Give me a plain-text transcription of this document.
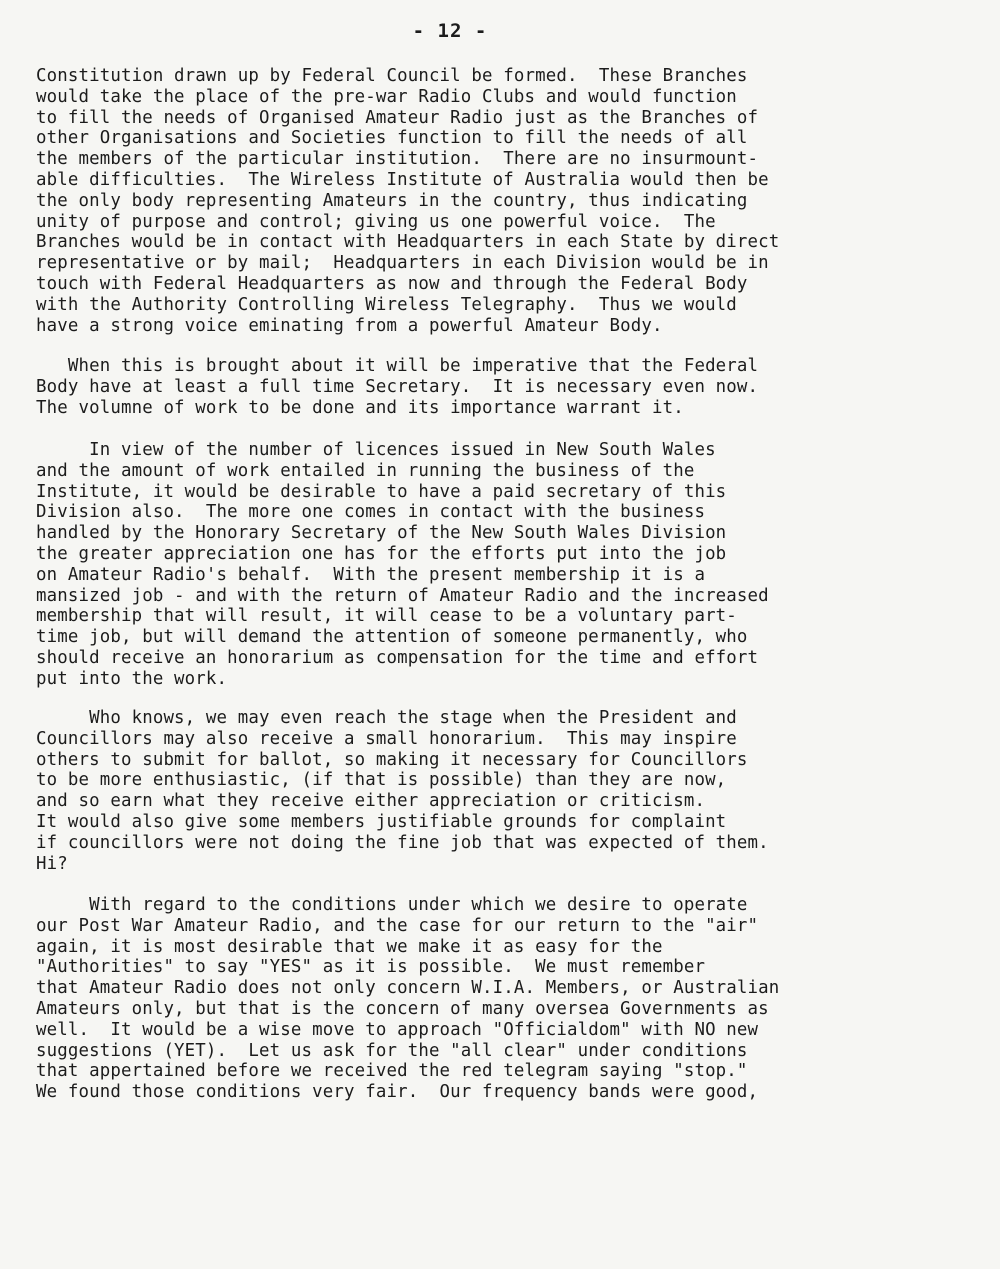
- 12 -
Constitution drawn up by Federal Council be formed.  These Branches
would take the place of the pre-war Radio Clubs and would function
to fill the needs of Organised Amateur Radio just as the Branches of
other Organisations and Societies function to fill the needs of all
the members of the particular institution.  There are no insurmount-
able difficulties.  The Wireless Institute of Australia would then be
the only body representing Amateurs in the country, thus indicating
unity of purpose and control; giving us one powerful voice.  The
Branches would be in contact with Headquarters in each State by direct
representative or by mail;  Headquarters in each Division would be in
touch with Federal Headquarters as now and through the Federal Body
with the Authority Controlling Wireless Telegraphy.  Thus we would
have a strong voice eminating from a powerful Amateur Body.
When this is brought about it will be imperative that the Federal
Body have at least a full time Secretary.  It is necessary even now.
The volumne of work to be done and its importance warrant it.
In view of the number of licences issued in New South Wales
and the amount of work entailed in running the business of the
Institute, it would be desirable to have a paid secretary of this
Division also.  The more one comes in contact with the business
handled by the Honorary Secretary of the New South Wales Division
the greater appreciation one has for the efforts put into the job
on Amateur Radio's behalf.  With the present membership it is a
mansized job - and with the return of Amateur Radio and the increased
membership that will result, it will cease to be a voluntary part-
time job, but will demand the attention of someone permanently, who
should receive an honorarium as compensation for the time and effort
put into the work.
Who knows, we may even reach the stage when the President and
Councillors may also receive a small honorarium.  This may inspire
others to submit for ballot, so making it necessary for Councillors
to be more enthusiastic, (if that is possible) than they are now,
and so earn what they receive either appreciation or criticism.
It would also give some members justifiable grounds for complaint
if councillors were not doing the fine job that was expected of them.
Hi?
With regard to the conditions under which we desire to operate
our Post War Amateur Radio, and the case for our return to the "air"
again, it is most desirable that we make it as easy for the
"Authorities" to say "YES" as it is possible.  We must remember
that Amateur Radio does not only concern W.I.A. Members, or Australian
Amateurs only, but that is the concern of many oversea Governments as
well.  It would be a wise move to approach "Officialdom" with NO new
suggestions (YET).  Let us ask for the "all clear" under conditions
that appertained before we received the red telegram saying "stop."
We found those conditions very fair.  Our frequency bands were good,
